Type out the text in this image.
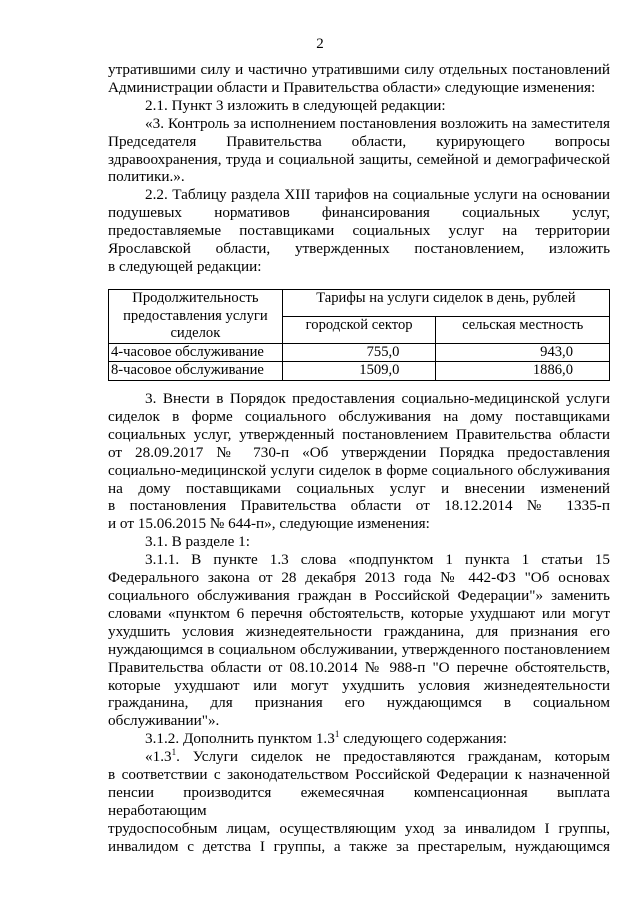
2
утратившими силу и частично утратившими силу отдельных постановлений
Администрации области и Правительства области» следующие изменения:
2.1. Пункт 3 изложить в следующей редакции:
«3. Контроль за исполнением постановления возложить на заместителя
Председателя Правительства области, курирующего вопросы
здравоохранения, труда и социальной защиты, семейной и демографической
политики.».
2.2. Таблицу раздела XIII тарифов на социальные услуги на основании
подушевых нормативов финансирования социальных услуг,
предоставляемые поставщиками социальных услуг на территории
Ярославской области, утвержденных постановлением, изложить
в следующей редакции:
Продолжительность
предоставления услуги
сиделок	Тарифы на услуги сиделок в день, рублей	
	городской сектор	сельская местность
4-часовое обслуживание	755,0	943,0
8-часовое обслуживание	1509,0	1886,0
3. Внести в Порядок предоставления социально-медицинской услуги
сиделок в форме социального обслуживания на дому поставщиками
социальных услуг, утвержденный постановлением Правительства области
от 28.09.2017 № 730-п «Об утверждении Порядка предоставления
социально-медицинской услуги сиделок в форме социального обслуживания
на дому поставщиками социальных услуг и внесении изменений
в постановления Правительства области от 18.12.2014 № 1335-п
и от 15.06.2015 № 644-п», следующие изменения:
3.1. В разделе 1:
3.1.1. В пункте 1.3 слова «подпунктом 1 пункта 1 статьи 15
Федерального закона от 28 декабря 2013 года № 442-ФЗ "Об основах
социального обслуживания граждан в Российской Федерации"» заменить
словами «пунктом 6 перечня обстоятельств, которые ухудшают или могут
ухудшить условия жизнедеятельности гражданина, для признания его
нуждающимся в социальном обслуживании, утвержденного постановлением
Правительства области от 08.10.2014 № 988-п "О перечне обстоятельств,
которые ухудшают или могут ухудшить условия жизнедеятельности
гражданина, для признания его нуждающимся в социальном
обслуживании"».
3.1.2. Дополнить пунктом $1.3^1$ следующего содержания:
«$1.3^1$. Услуги сиделок не предоставляются гражданам, которым
в соответствии с законодательством Российской Федерации к назначенной
пенсии производится ежемесячная компенсационная выплата неработающим
трудоспособным лицам, осуществляющим уход за инвалидом I группы,
инвалидом с детства I группы, а также за престарелым, нуждающимся
